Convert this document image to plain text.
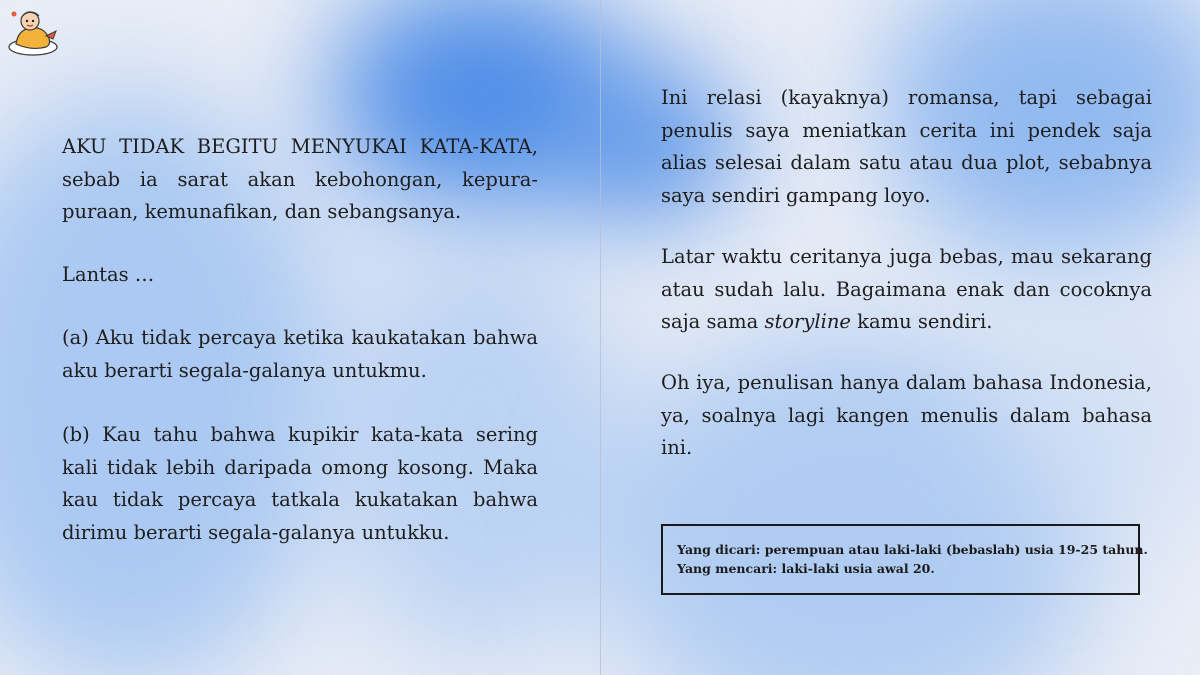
AKU TIDAK BEGITU MENYUKAI KATA-KATA, sebab ia sarat akan kebohongan, kepura-puraan, kemunafikan, dan sebangsanya.

Lantas …

(a) Aku tidak percaya ketika kaukatakan bahwa aku berarti segala-galanya untukmu.

(b) Kau tahu bahwa kupikir kata-kata sering kali tidak lebih daripada omong kosong. Maka kau tidak percaya tatkala kukatakan bahwa dirimu berarti segala-galanya untukku.

Ini relasi (kayaknya) romansa, tapi sebagai penulis saya meniatkan cerita ini pendek saja alias selesai dalam satu atau dua plot, sebabnya saya sendiri gampang loyo.

Latar waktu ceritanya juga bebas, mau sekarang atau sudah lalu. Bagaimana enak dan cocoknya saja sama storyline kamu sendiri.

Oh iya, penulisan hanya dalam bahasa Indonesia, ya, soalnya lagi kangen menulis dalam bahasa ini.

Yang dicari: perempuan atau laki-laki (bebaslah) usia 19-25 tahun.
Yang mencari: laki-laki usia awal 20.
